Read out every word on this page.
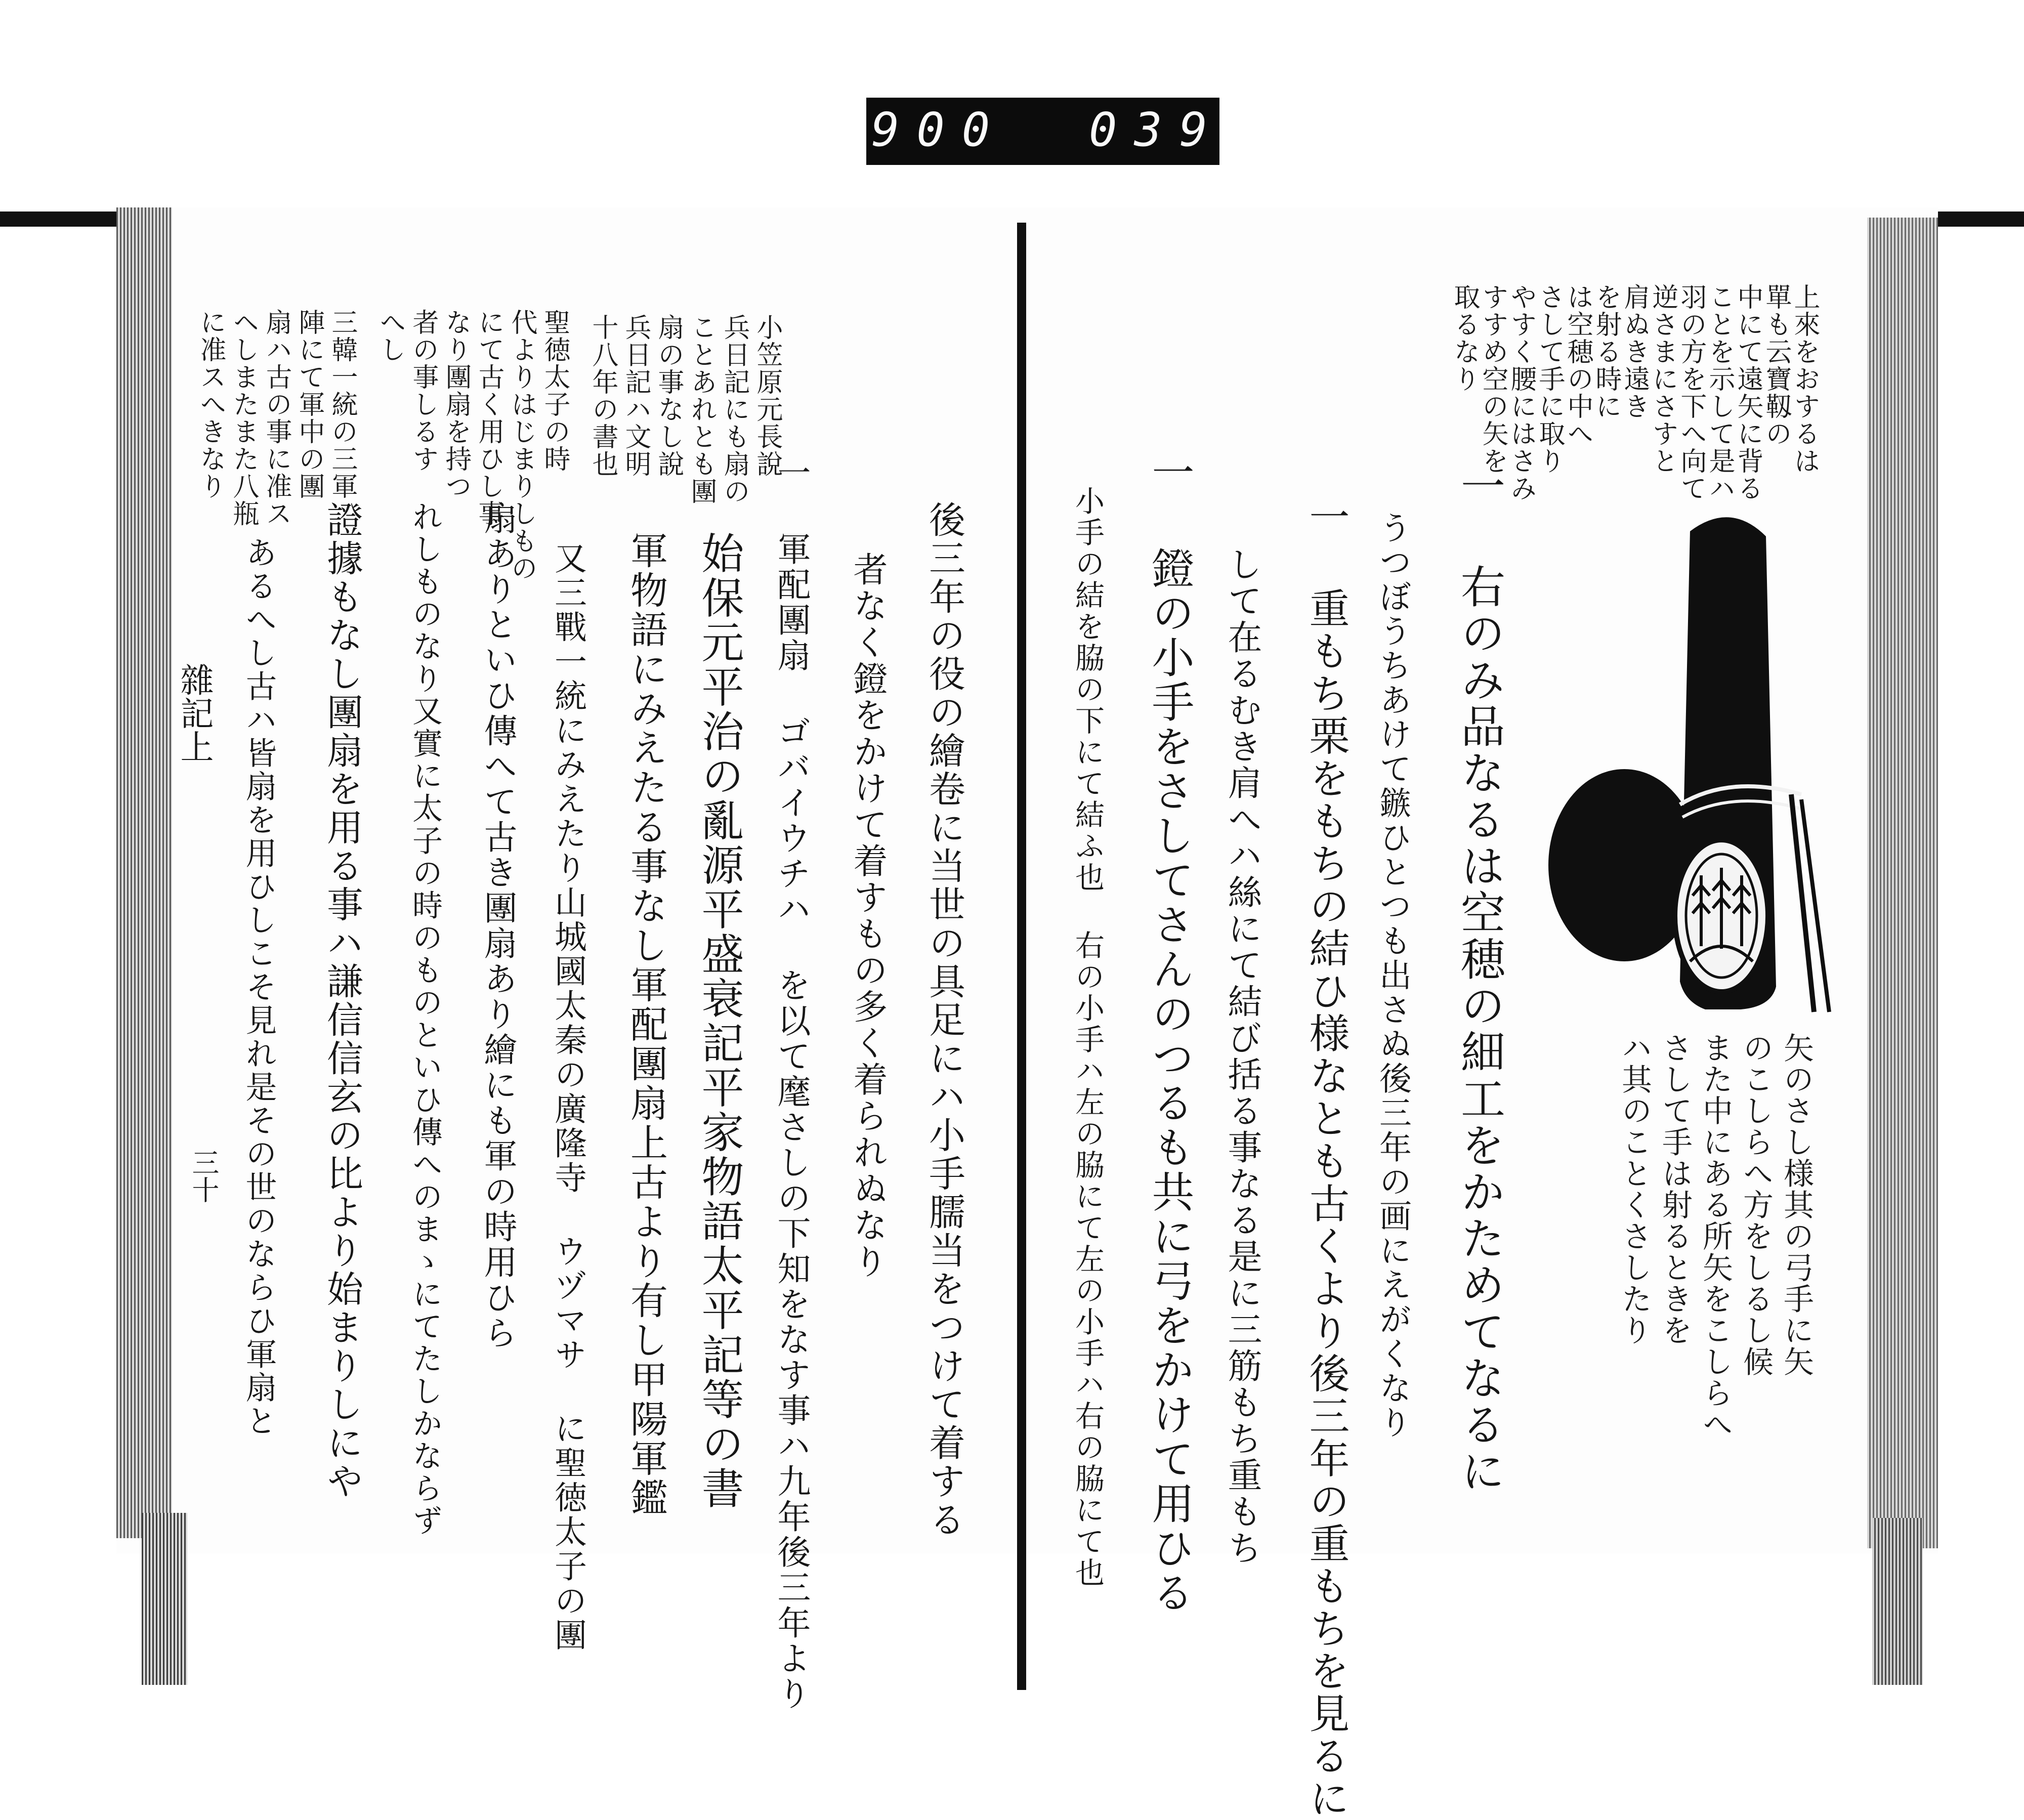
900 039
上來をおするは
單も云寶靱の
中にて遠矢に背る
ことを示して是ハ
羽の方を下へ向て
逆さまにさすと
肩ぬき遠き
を射る時に
は空穂の中へ
さして手に取り
やすく腰にはさみ
すすめ空の矢を
取るなり
矢のさし様其の弓手に矢
のこしらへ方をしるし候
また中にある所矢をこしらへ
さして手は射るときを
ハ其のことくさしたり
一 右のみ品なるは空穂の細工をかためてなるに
うつぼうちあけて鏃ひとつも出さぬ後三年の画にえがくなり
一 重もち栗をもちの結ひ様なとも古くより後三年の重もちを見るに
して在るむき肩へハ絲にて結び括る事なる是に三筋もち重もち
一 鐙の小手をさしてさんのつるも共に弓をかけて用ひる
小手の結を脇の下にて結ふ也 右の小手ハ左の脇にて左の小手ハ右の脇にて也
小笠原元長說
兵日記にも扇の
ことあれとも團
扇の事なし說
兵日記ハ文明
十八年の書也
聖徳太子の時
代よりはじまりしもの
にて古く用ひし事
なり團扇を持つ
者の事しるす
へし
三韓一統の三軍
陣にて軍中の團
扇ハ古の事に准ス
ヘしまたまた八瓶
に准スへきなり
後三年の役の繪卷に当世の具足にハ小手臑当をつけて着する
者なく鐙をかけて着すもの多く着られぬなり
一 軍配團扇 ゴバイウチハ を以て麾さしの下知をなす事ハ九年後三年より
始保元平治の亂源平盛衰記平家物語太平記等の書
軍物語にみえたる事なし軍配團扇上古より有し甲陽軍鑑
又三戰一統にみえたり山城國太秦の廣隆寺 ウヅマサ に聖徳太子の團
扇ありといひ傳へて古き團扇あり繪にも軍の時用ひら
れしものなり又實に太子の時のものといひ傳へのまゝにてたしかならず
證據もなし團扇を用る事ハ謙信信玄の比より始まりしにや
あるへし古ハ皆扇を用ひしこそ見れ是その世のならひ軍扇と
雜記上
三十
